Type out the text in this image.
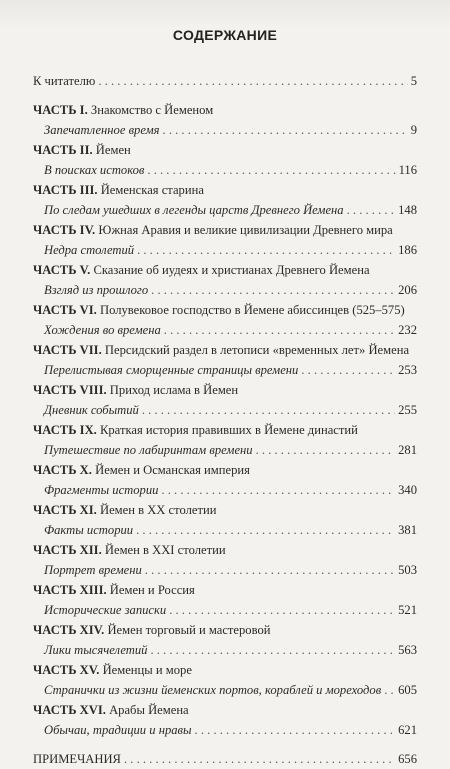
СОДЕРЖАНИЕ
К читателю . . .	5
ЧАСТЬ I. Знакомство с Йеменом
Запечатленное время . . .	9
ЧАСТЬ II. Йемен
В поисках истоков . . .	116
ЧАСТЬ III. Йеменская старина
По следам ушедших в легенды царств Древнего Йемена . . .	148
ЧАСТЬ IV. Южная Аравия и великие цивилизации Древнего мира
Недра столетий . . .	186
ЧАСТЬ V. Сказание об иудеях и христианах Древнего Йемена
Взгляд из прошлого . . .	206
ЧАСТЬ VI. Полувековое господство в Йемене абиссинцев (525–575)
Хождения во времена . . .	232
ЧАСТЬ VII. Персидский раздел в летописи «временных лет» Йемена
Перелистывая сморщенные страницы времени . . .	253
ЧАСТЬ VIII. Приход ислама в Йемен
Дневник событий . . .	255
ЧАСТЬ IX. Краткая история правивших в Йемене династий
Путешествие по лабиринтам времени . . .	281
ЧАСТЬ X. Йемен и Османская империя
Фрагменты истории . . .	340
ЧАСТЬ XI. Йемен в XX столетии
Факты истории . . .	381
ЧАСТЬ XII. Йемен в XXI столетии
Портрет времени . . .	503
ЧАСТЬ XIII. Йемен и Россия
Исторические записки . . .	521
ЧАСТЬ XIV. Йемен торговый и мастеровой
Лики тысячелетий . . .	563
ЧАСТЬ XV. Йеменцы и море
Странички из жизни йеменских портов, кораблей и мореходов . . . 605
ЧАСТЬ XVI. Арабы Йемена
Обычаи, традиции и нравы . . .	621
ПРИМЕЧАНИЯ . . .	656
